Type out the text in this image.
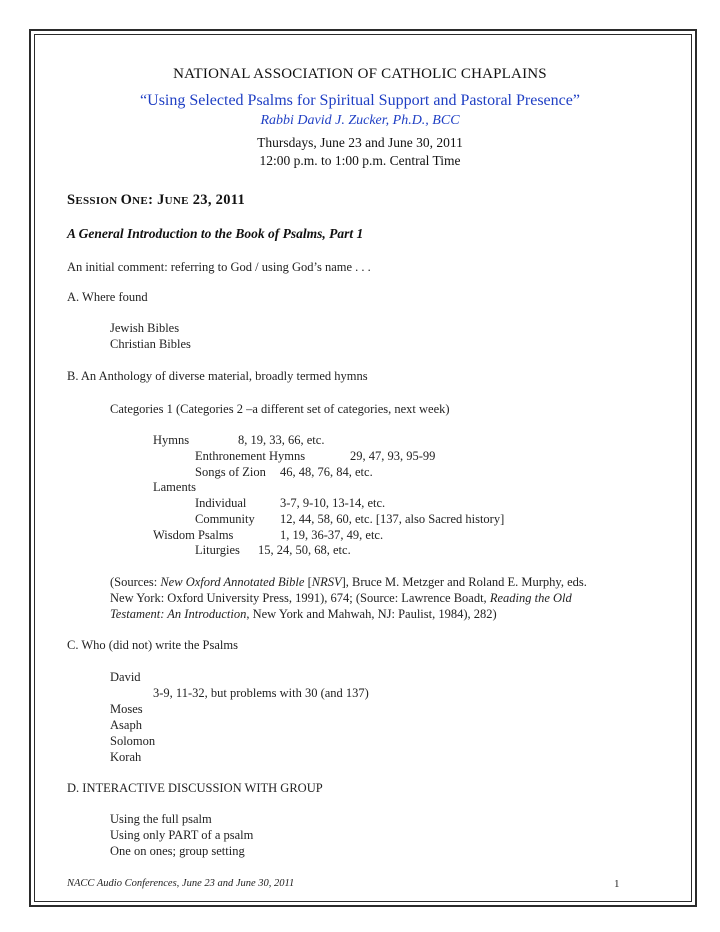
NATIONAL ASSOCIATION OF CATHOLIC CHAPLAINS
“Using Selected Psalms for Spiritual Support and Pastoral Presence”
Rabbi David J. Zucker, Ph.D., BCC
Thursdays, June 23 and June 30, 2011
12:00 p.m. to 1:00 p.m. Central Time
SESSION ONE: JUNE 23, 2011
A General Introduction to the Book of Psalms, Part 1
An initial comment: referring to God / using God’s name . . .
A. Where found
Jewish Bibles
Christian Bibles
B. An Anthology of diverse material, broadly termed hymns
Categories 1 (Categories 2 –a different set of categories, next week)
Hymns	8, 19, 33, 66, etc.
Enthronement Hymns	29, 47, 93, 95-99
Songs of Zion 46, 48, 76, 84, etc.
Laments
Individual	3-7, 9-10, 13-14, etc.
Community 12, 44, 58, 60, etc. [137, also Sacred history]
Wisdom Psalms	1, 19, 36-37, 49, etc.
Liturgies 15, 24, 50, 68, etc.
(Sources: New Oxford Annotated Bible [NRSV], Bruce M. Metzger and Roland E. Murphy, eds.
New York: Oxford University Press, 1991), 674; (Source: Lawrence Boadt, Reading the Old
Testament: An Introduction, New York and Mahwah, NJ: Paulist, 1984), 282)
C. Who (did not) write the Psalms
David
3-9, 11-32, but problems with 30 (and 137)
Moses
Asaph
Solomon
Korah
D. INTERACTIVE DISCUSSION WITH GROUP
Using the full psalm
Using only PART of a psalm
One on ones; group setting
NACC Audio Conferences, June 23 and June 30, 2011	1
